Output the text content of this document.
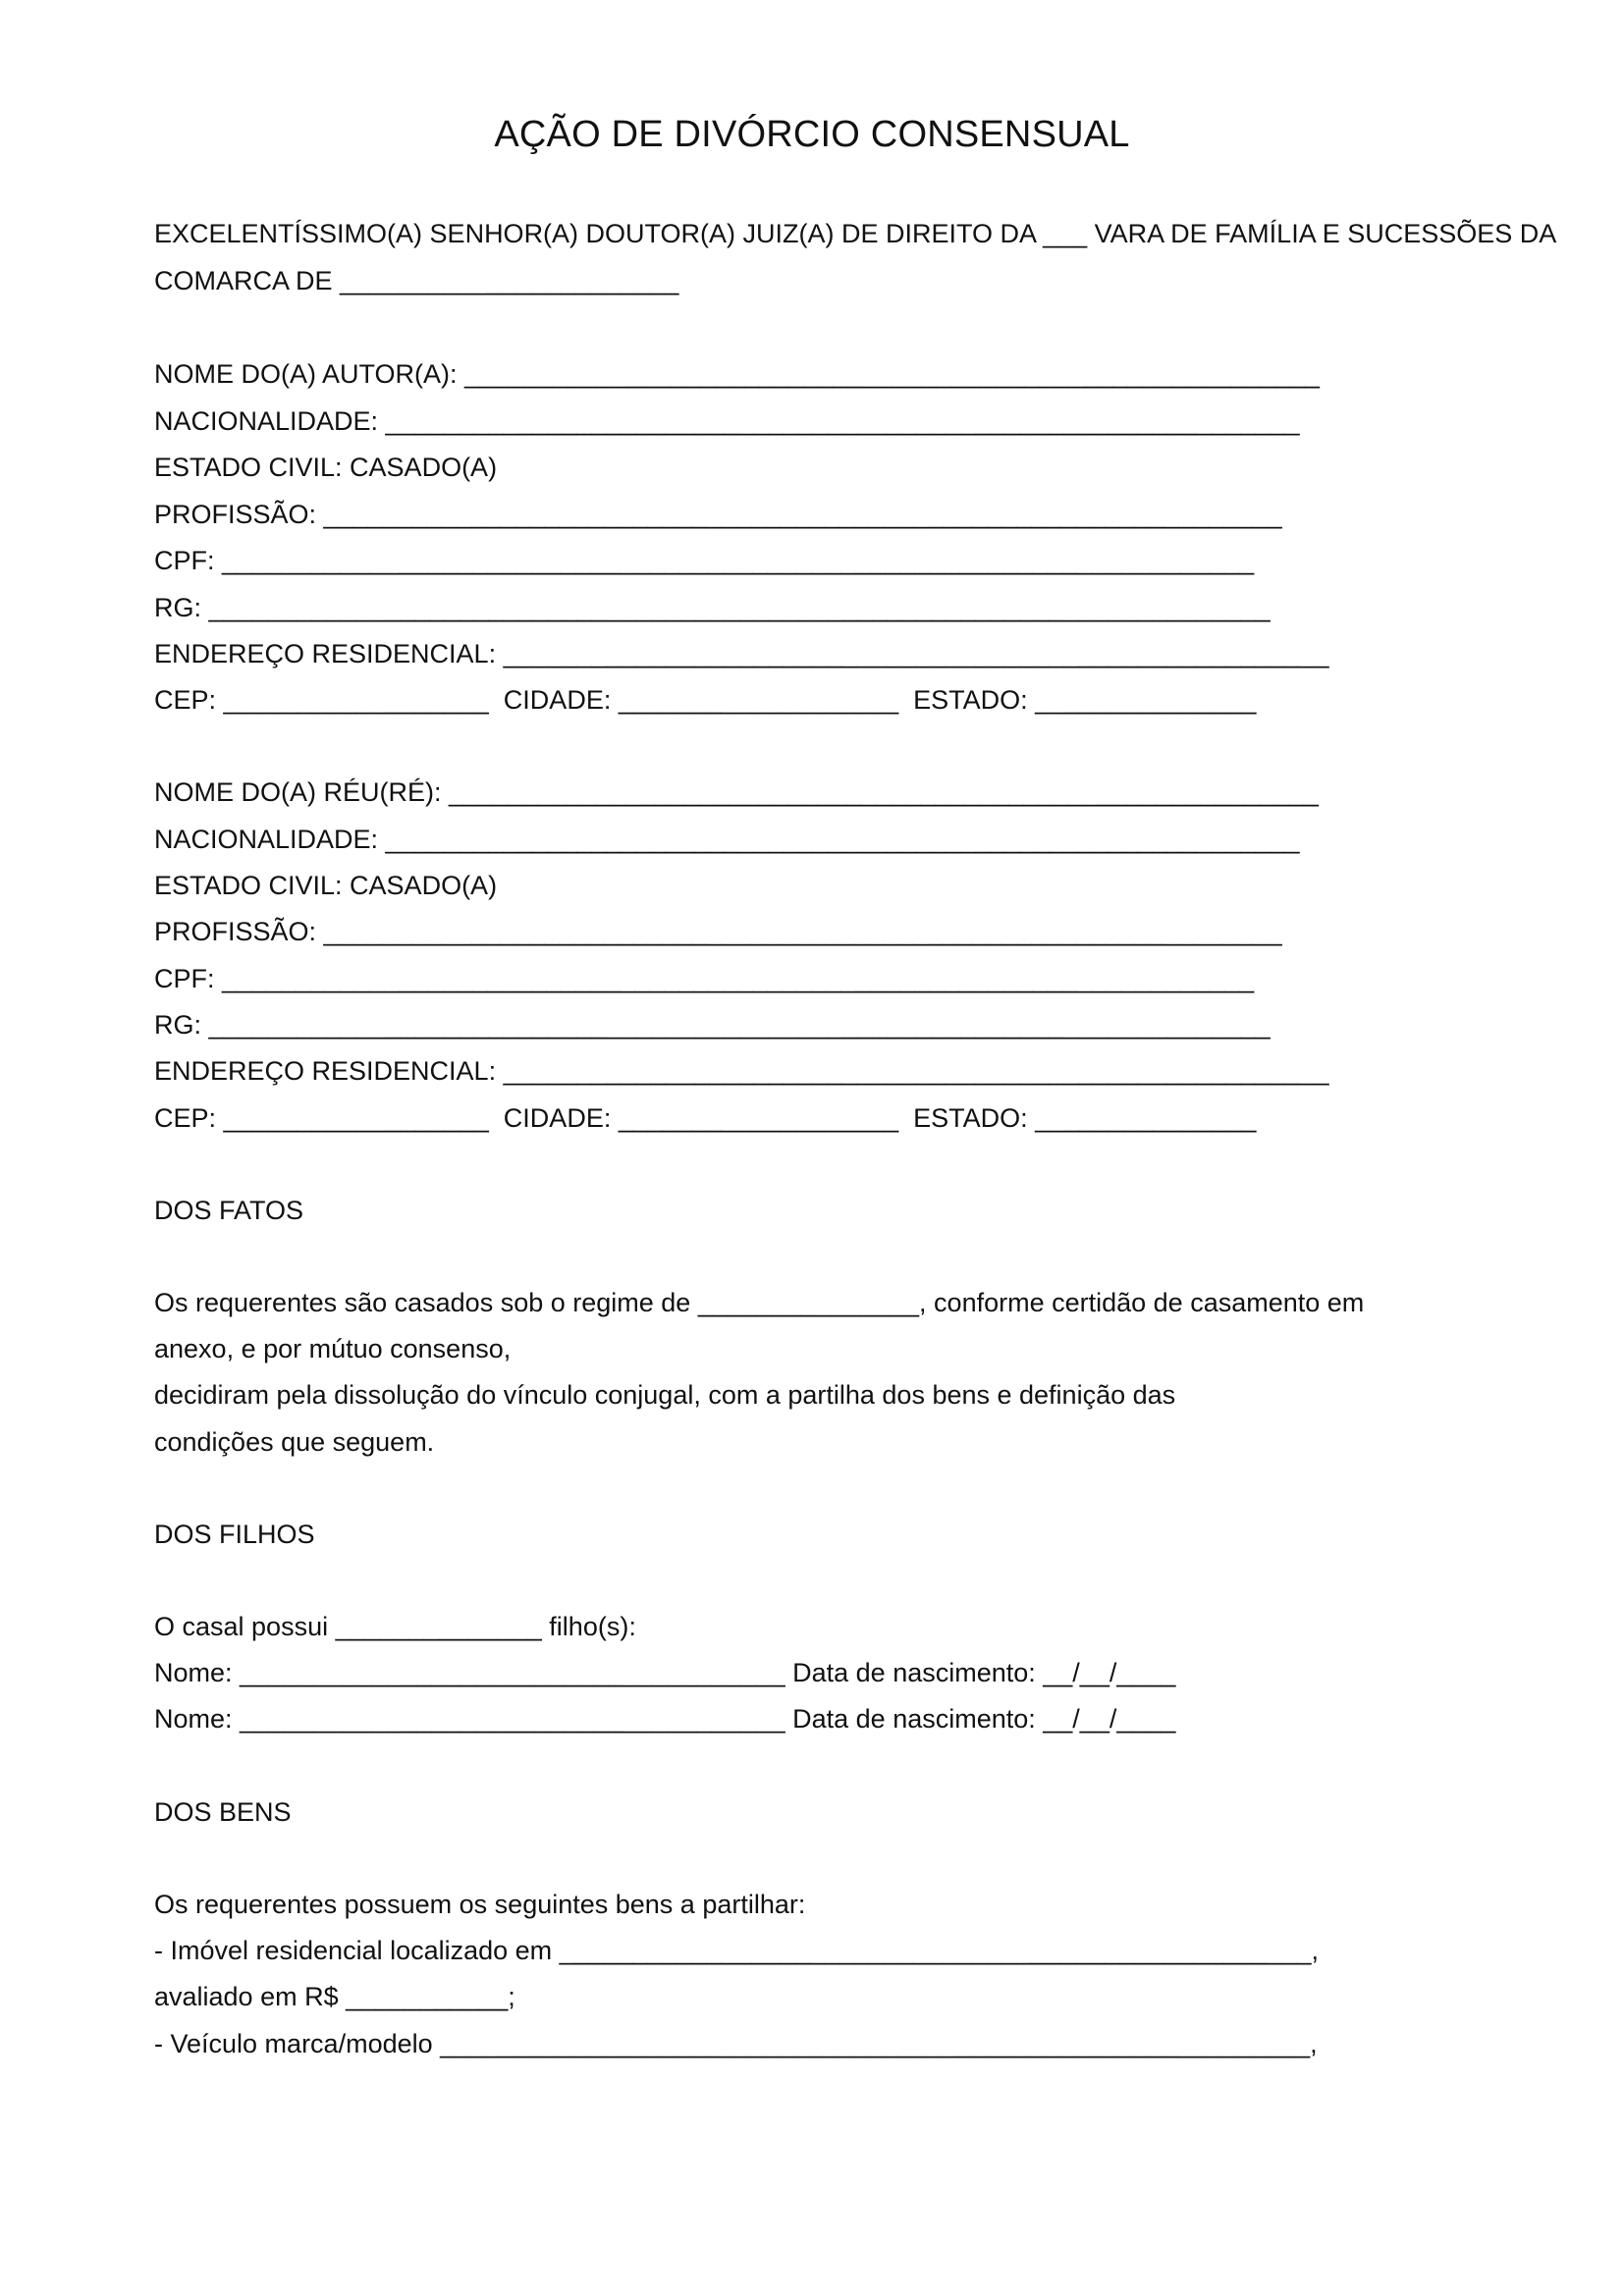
AÇÃO DE DIVÓRCIO CONSENSUAL
EXCELENTÍSSIMO(A) SENHOR(A) DOUTOR(A) JUIZ(A) DE DIREITO DA ___ VARA DE FAMÍLIA E SUCESSÕES DA
COMARCA DE _______________________
NOME DO(A) AUTOR(A): __________________________________________________________
NACIONALIDADE: ______________________________________________________________
ESTADO CIVIL: CASADO(A)
PROFISSÃO: _________________________________________________________________
CPF: ______________________________________________________________________
RG: ________________________________________________________________________
ENDEREÇO RESIDENCIAL: ________________________________________________________
CEP: __________________  CIDADE: ___________________  ESTADO: _______________
NOME DO(A) RÉU(RÉ): ___________________________________________________________
NACIONALIDADE: ______________________________________________________________
ESTADO CIVIL: CASADO(A)
PROFISSÃO: _________________________________________________________________
CPF: ______________________________________________________________________
RG: ________________________________________________________________________
ENDEREÇO RESIDENCIAL: ________________________________________________________
CEP: __________________  CIDADE: ___________________  ESTADO: _______________
DOS FATOS
Os requerentes são casados sob o regime de _______________, conforme certidão de casamento em
anexo, e por mútuo consenso,
decidiram pela dissolução do vínculo conjugal, com a partilha dos bens e definição das
condições que seguem.
DOS FILHOS
O casal possui ______________ filho(s):
Nome: _____________________________________ Data de nascimento: __/__/____
Nome: _____________________________________ Data de nascimento: __/__/____
DOS BENS
Os requerentes possuem os seguintes bens a partilhar:
- Imóvel residencial localizado em ___________________________________________________,
avaliado em R$ ___________;
- Veículo marca/modelo ___________________________________________________________,
